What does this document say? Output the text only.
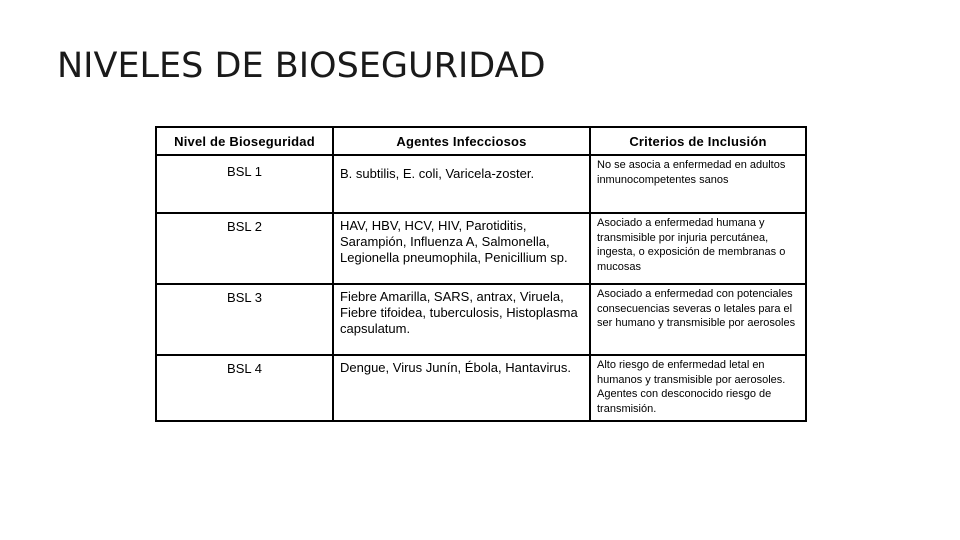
NIVELES DE BIOSEGURIDAD
Nivel de Bioseguridad	Agentes Infecciosos	Criterios de Inclusión
BSL 1	B. subtilis, E. coli, Varicela-zoster.	No se asocia a enfermedad en adultos inmunocompetentes sanos
BSL 2	HAV, HBV, HCV, HIV, Parotiditis, Sarampión, Influenza A, Salmonella, Legionella pneumophila, Penicillium sp.	Asociado a enfermedad humana y transmisible por injuria percutánea, ingesta, o exposición de membranas o mucosas
BSL 3	Fiebre Amarilla, SARS, antrax, Viruela, Fiebre tifoidea, tuberculosis, Histoplasma capsulatum.	Asociado a enfermedad con potenciales consecuencias severas o letales para el ser humano y transmisible por aerosoles
BSL 4	Dengue, Virus Junín, Ébola, Hantavirus.	Alto riesgo de enfermedad letal en humanos y transmisible por aerosoles. Agentes con desconocido riesgo de transmisión.
